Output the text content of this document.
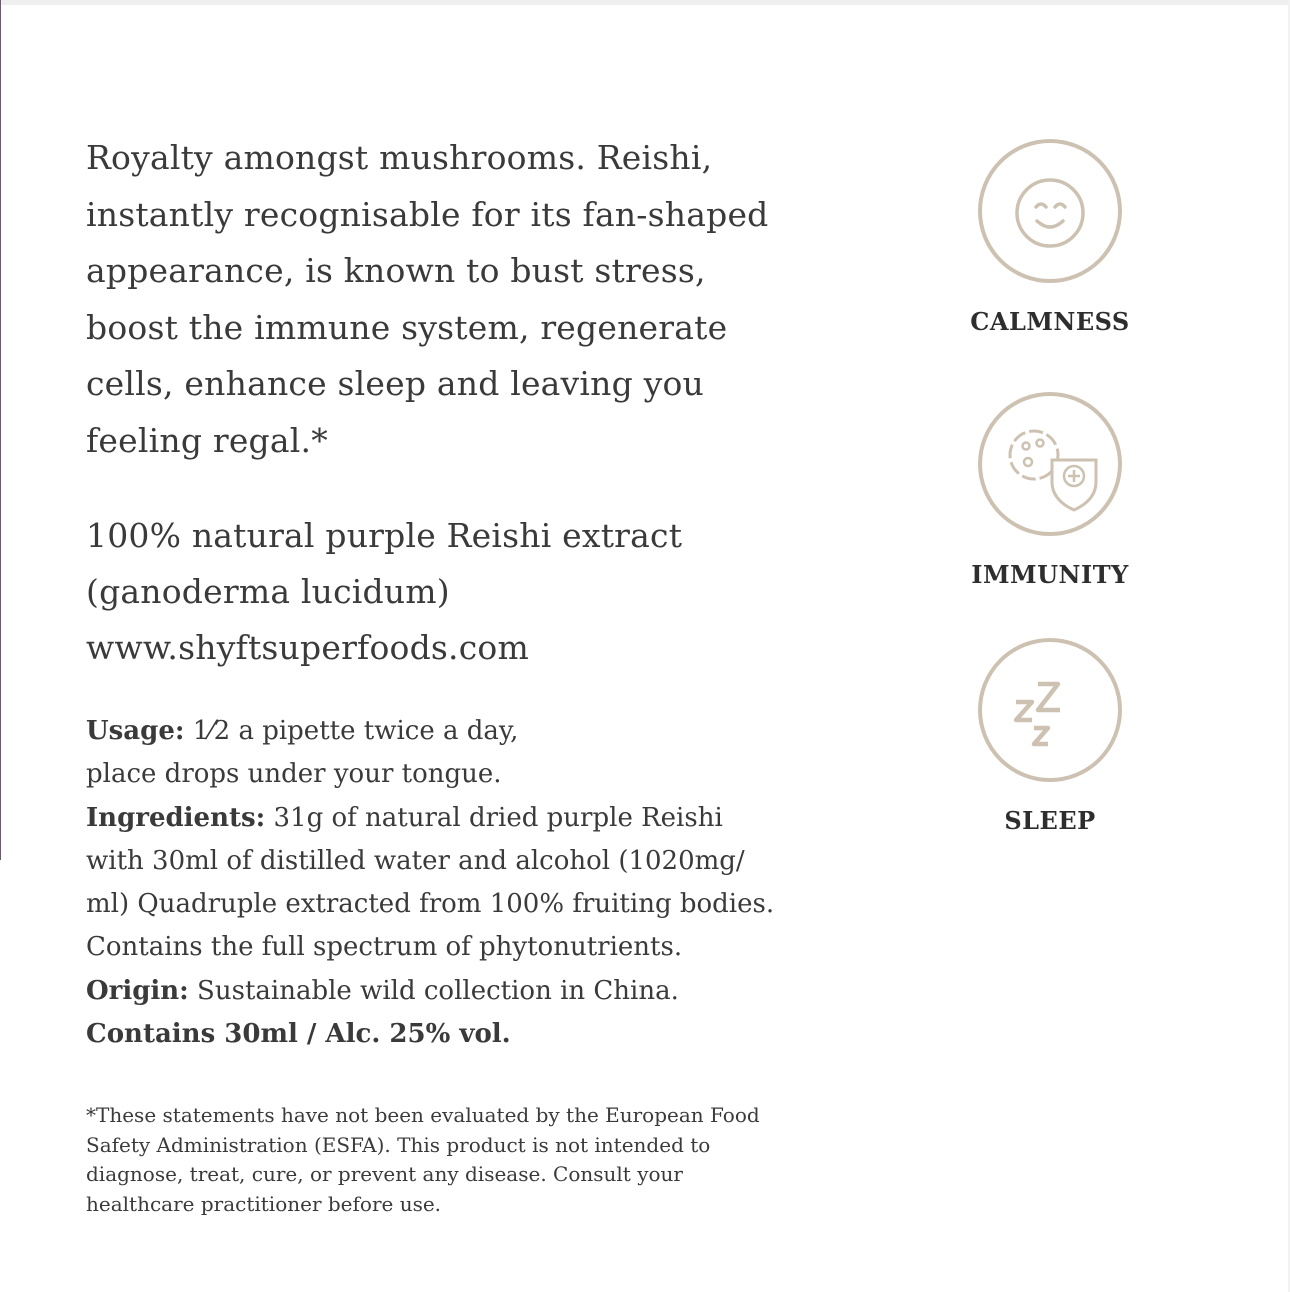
Royalty amongst mushrooms. Reishi,
instantly recognisable for its fan-shaped
appearance, is known to bust stress,
boost the immune system, regenerate
cells, enhance sleep and leaving you
feeling regal.*

100% natural purple Reishi extract
(ganoderma lucidum)
www.shyftsuperfoods.com
Usage: 1⁄2 a pipette twice a day,
place drops under your tongue.
Ingredients: 31g of natural dried purple Reishi
with 30ml of distilled water and alcohol (1020mg/
ml) Quadruple extracted from 100% fruiting bodies.
Contains the full spectrum of phytonutrients.
Origin: Sustainable wild collection in China.
Contains 30ml / Alc. 25% vol.
*These statements have not been evaluated by the European Food
Safety Administration (ESFA). This product is not intended to
diagnose, treat, cure, or prevent any disease. Consult your
healthcare practitioner before use.
CALMNESS
IMMUNITY
SLEEP
